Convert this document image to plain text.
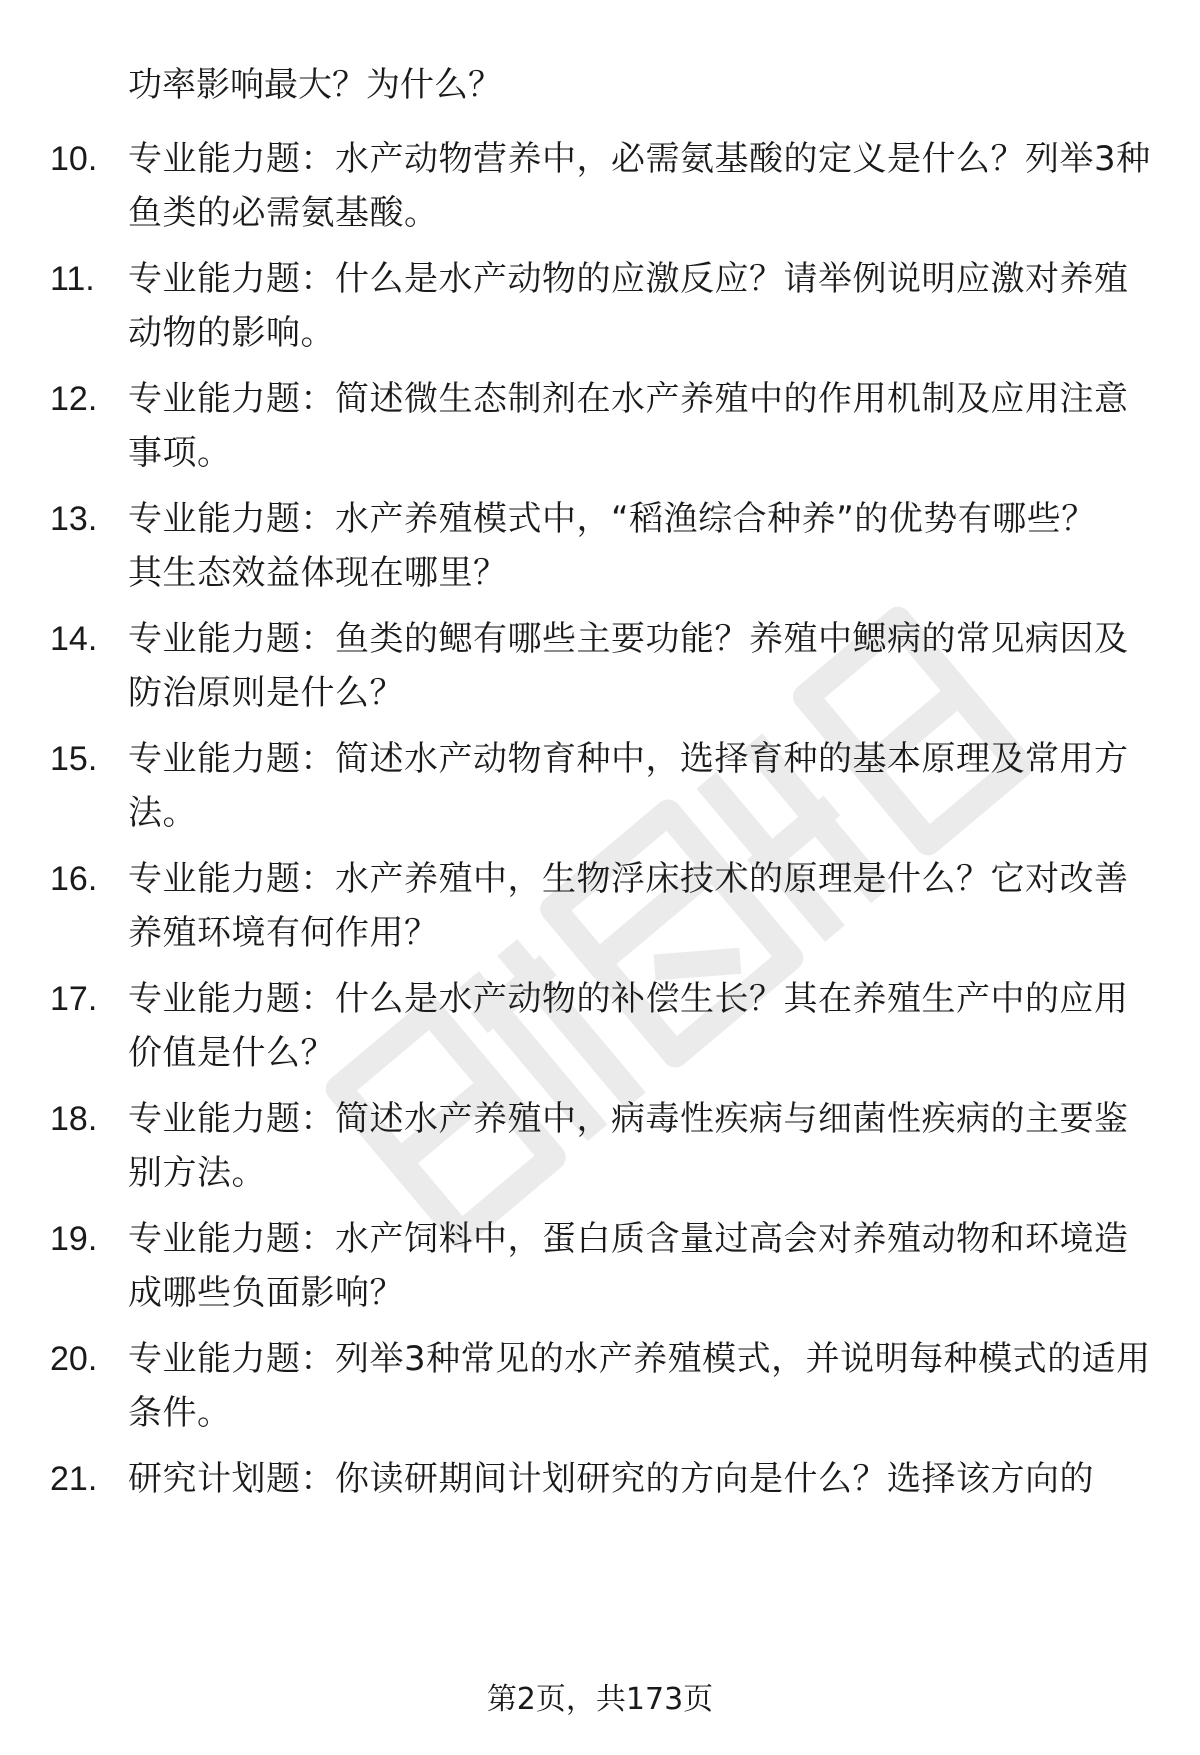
功率影响最大？为什么？
10. 专业能力题：水产动物营养中，必需氨基酸的定义是什么？列举3种鱼类的必需氨基酸。
11. 专业能力题：什么是水产动物的应激反应？请举例说明应激对养殖动物的影响。
12. 专业能力题：简述微生态制剂在水产养殖中的作用机制及应用注意事项。
13. 专业能力题：水产养殖模式中，“稻渔综合种养”的优势有哪些？其生态效益体现在哪里？
14. 专业能力题：鱼类的鳃有哪些主要功能？养殖中鳃病的常见病因及防治原则是什么？
15. 专业能力题：简述水产动物育种中，选择育种的基本原理及常用方法。
16. 专业能力题：水产养殖中，生物浮床技术的原理是什么？它对改善养殖环境有何作用？
17. 专业能力题：什么是水产动物的补偿生长？其在养殖生产中的应用价值是什么？
18. 专业能力题：简述水产养殖中，病毒性疾病与细菌性疾病的主要鉴别方法。
19. 专业能力题：水产饲料中，蛋白质含量过高会对养殖动物和环境造成哪些负面影响？
20. 专业能力题：列举3种常见的水产养殖模式，并说明每种模式的适用条件。
21. 研究计划题：你读研期间计划研究的方向是什么？选择该方向的
第2页，共173页
